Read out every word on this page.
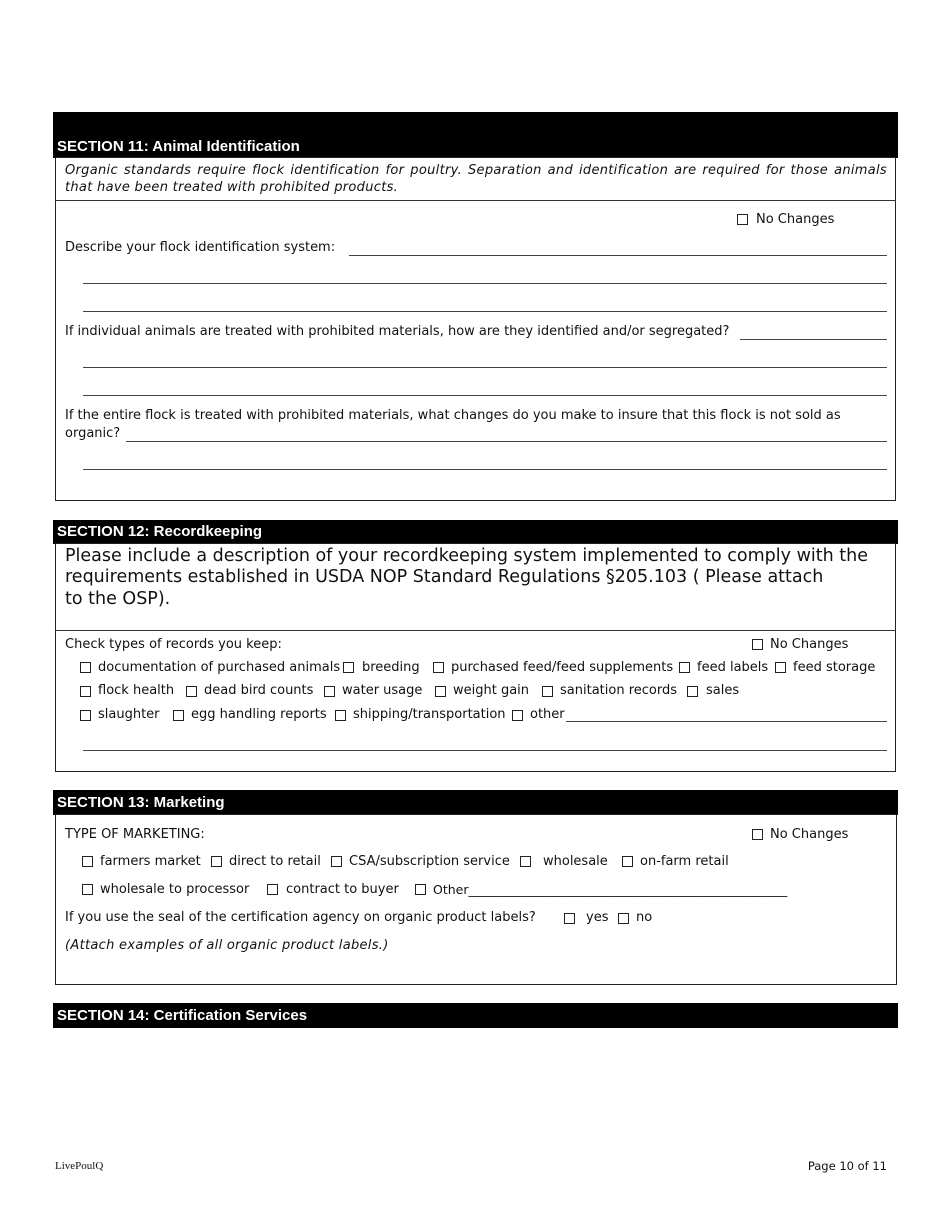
SECTION 11: Animal Identification
Organic standards require flock identification for poultry. Separation and identification are required for those animals that have been treated with prohibited products.
No Changes
Describe your flock identification system:
If individual animals are treated with prohibited materials, how are they identified and/or segregated?
If the entire flock is treated with prohibited materials, what changes do you make to insure that this flock is not sold as
organic?
SECTION 12: Recordkeeping
Please include a description of your recordkeeping system implemented to comply with the
requirements established in USDA NOP Standard Regulations §205.103 ( Please attach
to the OSP).
Check types of records you keep:	No Changes
documentation of purchased animals breeding purchased feed/feed supplements feed labels feed storage
flock health dead bird counts water usage weight gain sanitation records sales
slaughter egg handling reports shipping/transportation other
SECTION 13: Marketing
TYPE OF MARKETING:	No Changes
farmers market direct to retail CSA/subscription service	wholesale on-farm retail
wholesale to processor	contract to buyer	Other___________________________________________________
If you use the seal of the certification agency on organic product labels?	yes no
(Attach examples of all organic product labels.)
SECTION 14: Certification Services
LivePoulQ	Page 10 of 11
